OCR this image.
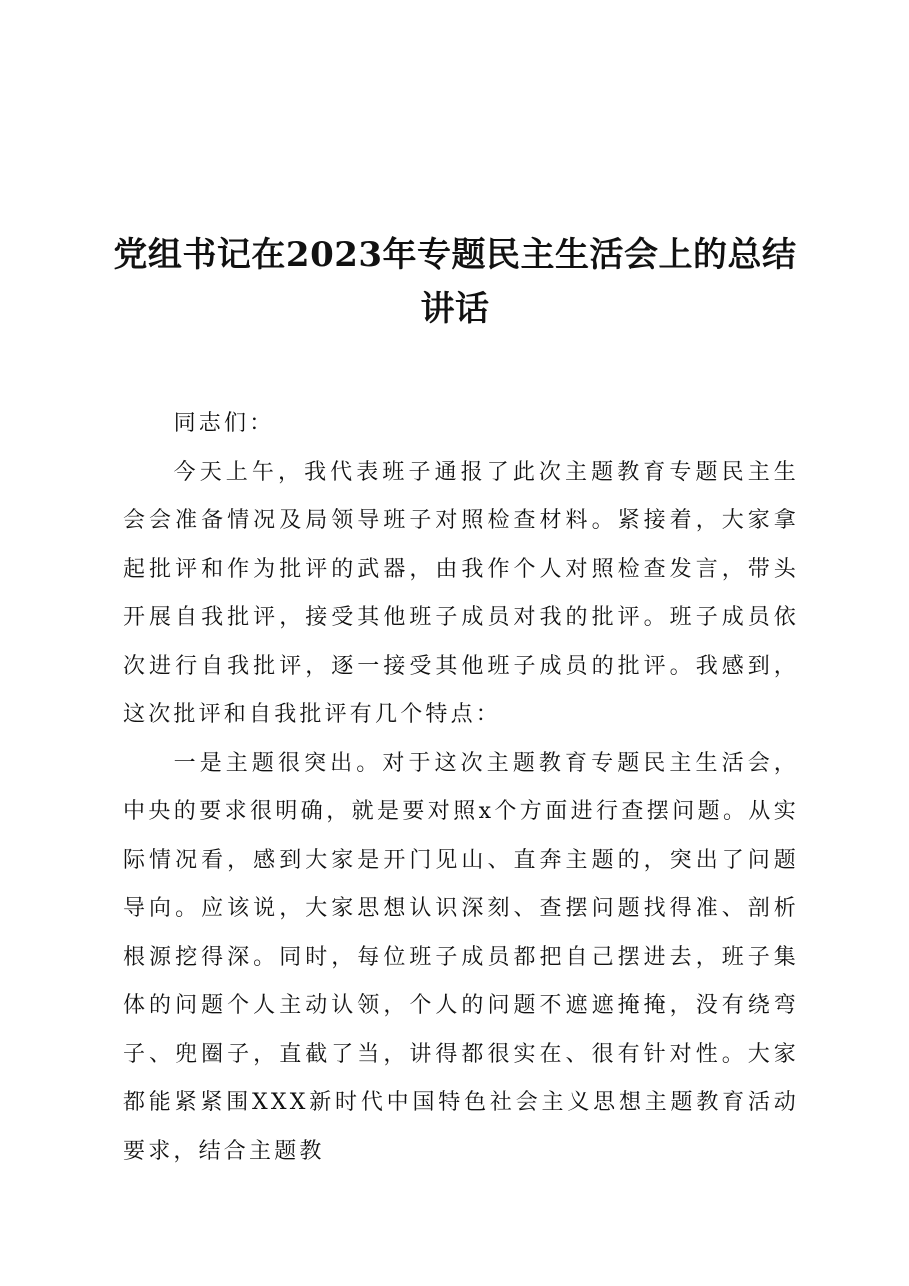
党组书记在2023年专题民主生活会上的总结讲话

同志们：

今天上午，我代表班子通报了此次主题教育专题民主生会会准备情况及局领导班子对照检查材料。紧接着，大家拿起批评和作为批评的武器，由我作个人对照检查发言，带头开展自我批评，接受其他班子成员对我的批评。班子成员依次进行自我批评，逐一接受其他班子成员的批评。我感到，这次批评和自我批评有几个特点：

一是主题很突出。对于这次主题教育专题民主生活会，中央的要求很明确，就是要对照x个方面进行查摆问题。从实际情况看，感到大家是开门见山、直奔主题的，突出了问题导向。应该说，大家思想认识深刻、查摆问题找得准、剖析根源挖得深。同时，每位班子成员都把自己摆进去，班子集体的问题个人主动认领，个人的问题不遮遮掩掩，没有绕弯子、兜圈子，直截了当，讲得都很实在、很有针对性。大家都能紧紧围XXX新时代中国特色社会主义思想主题教育活动要求，结合主题教
